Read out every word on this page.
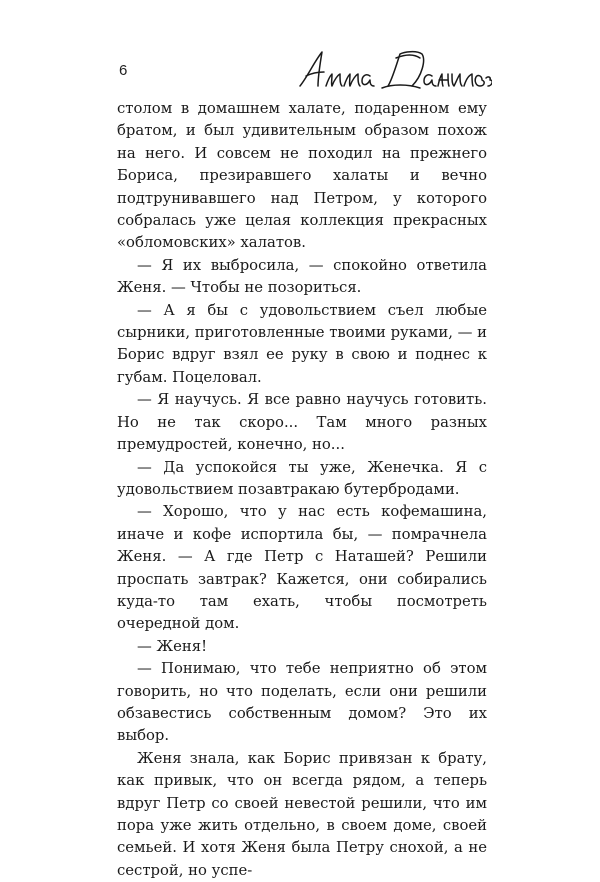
6

столом в домашнем халате, подаренном ему братом, и был удивительным образом похож на него. И совсем не походил на прежнего Бориса, презиравшего халаты и вечно подтрунивавшего над Петром, у которого собралась уже целая коллекция прекрасных «обломовских» халатов.

— Я их выбросила, — спокойно ответила Женя. — Чтобы не позориться.

— А я бы с удовольствием съел любые сырники, приготовленные твоими руками, — и Борис вдруг взял ее руку в свою и поднес к губам. Поцеловал.

— Я научусь. Я все равно научусь готовить. Но не так скоро... Там много разных премудростей, конечно, но...

— Да успокойся ты уже, Женечка. Я с удовольствием позавтракаю бутербродами.

— Хорошо, что у нас есть кофемашина, иначе и кофе испортила бы, — помрачнела Женя. — А где Петр с Наташей? Решили проспать завтрак? Кажется, они собирались куда-то там ехать, чтобы посмотреть очередной дом.

— Женя!

— Понимаю, что тебе неприятно об этом говорить, но что поделать, если они решили обзавестись собственным домом? Это их выбор.

Женя знала, как Борис привязан к брату, как привык, что он всегда рядом, а теперь вдруг Петр со своей невестой решили, что им пора уже жить отдельно, в своем доме, своей семьей. И хотя Женя была Петру снохой, а не сестрой, но успе-
